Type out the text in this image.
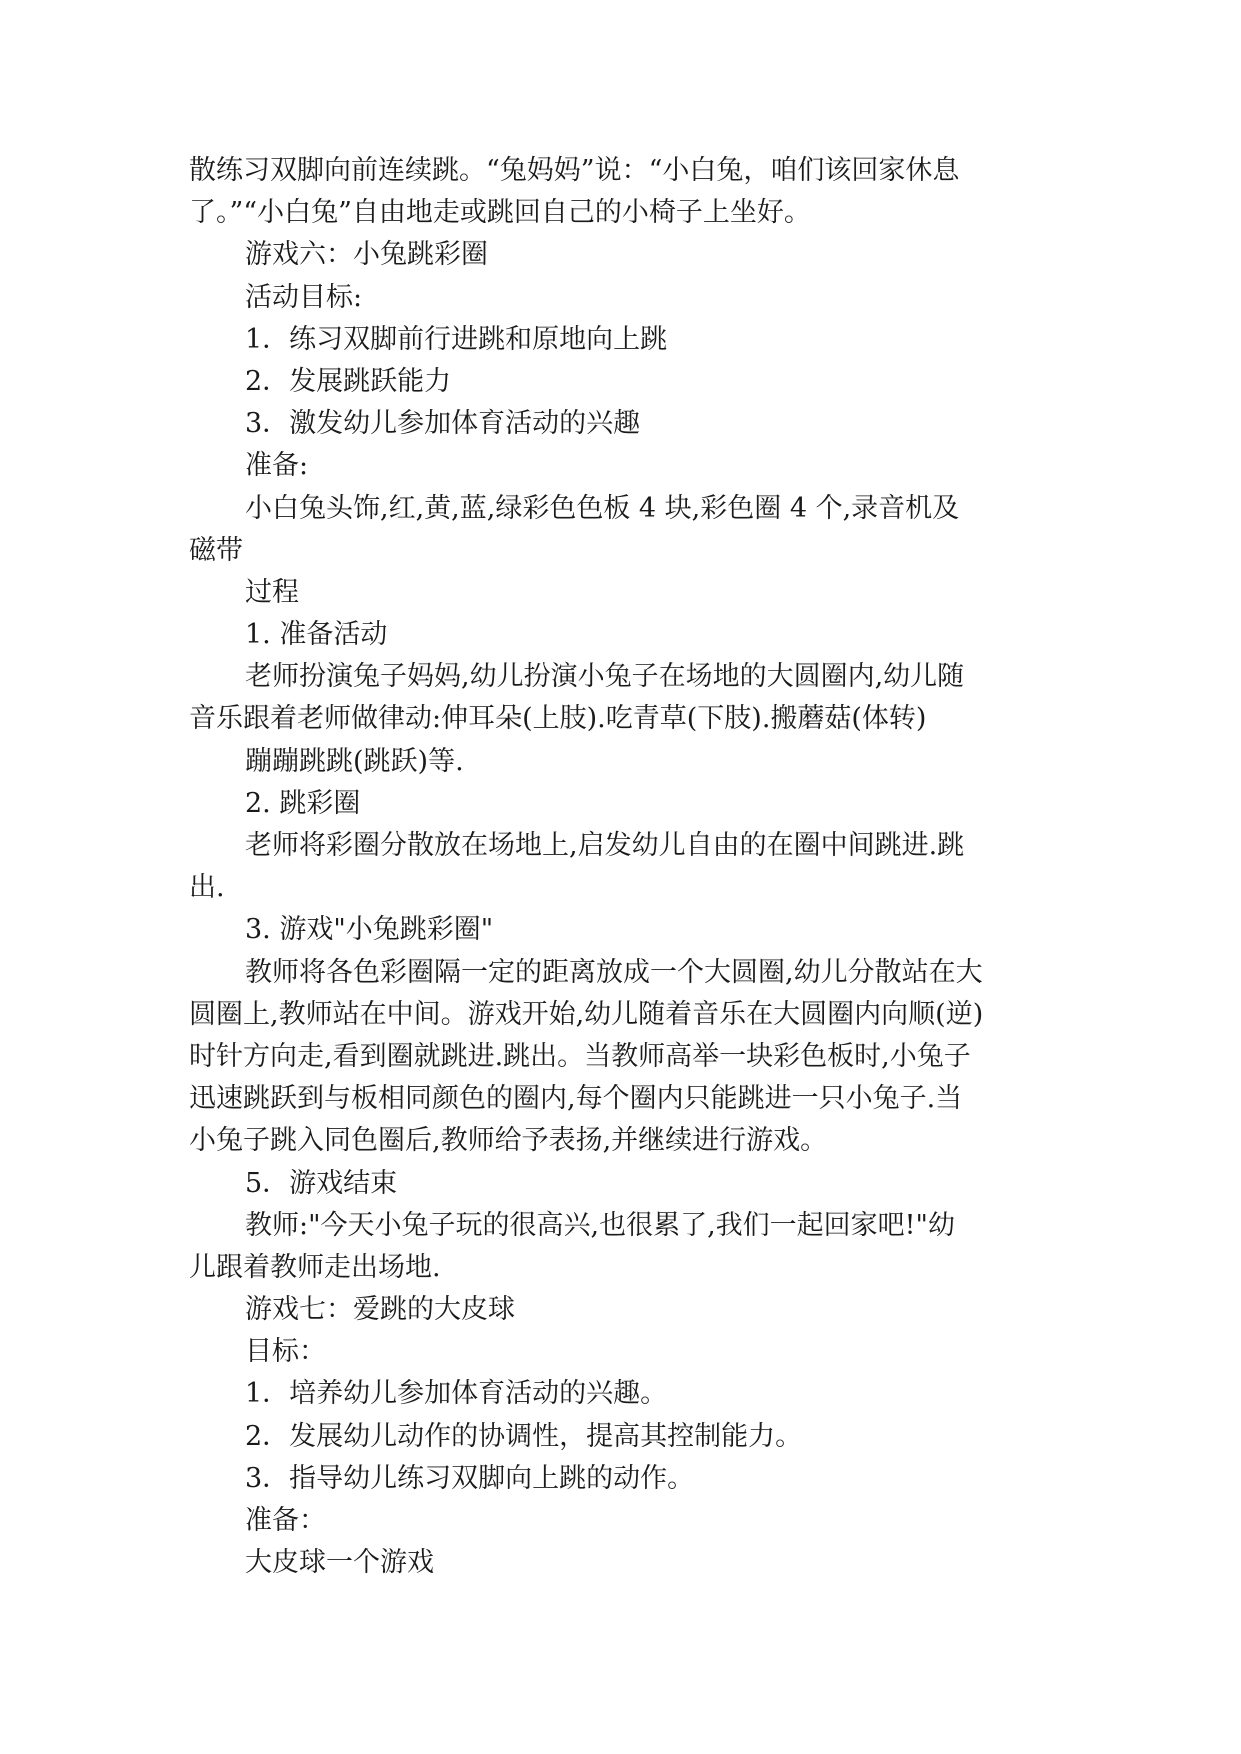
散练习双脚向前连续跳。“兔妈妈”说：“小白兔，咱们该回家休息
了。”“小白兔”自由地走或跳回自己的小椅子上坐好。
游戏六：小兔跳彩圈
活动目标:
1．练习双脚前行进跳和原地向上跳
2．发展跳跃能力
3．激发幼儿参加体育活动的兴趣
准备:
小白兔头饰,红,黄,蓝,绿彩色色板 4 块,彩色圈 4 个,录音机及
磁带
过程
1. 准备活动
老师扮演兔子妈妈,幼儿扮演小兔子在场地的大圆圈内,幼儿随
音乐跟着老师做律动:伸耳朵(上肢).吃青草(下肢).搬蘑菇(体转)
蹦蹦跳跳(跳跃)等.
2. 跳彩圈
老师将彩圈分散放在场地上,启发幼儿自由的在圈中间跳进.跳
出.
3. 游戏"小兔跳彩圈"
教师将各色彩圈隔一定的距离放成一个大圆圈,幼儿分散站在大
圆圈上,教师站在中间。游戏开始,幼儿随着音乐在大圆圈内向顺(逆)
时针方向走,看到圈就跳进.跳出。当教师高举一块彩色板时,小兔子
迅速跳跃到与板相同颜色的圈内,每个圈内只能跳进一只小兔子.当
小兔子跳入同色圈后,教师给予表扬,并继续进行游戏。
5．游戏结束
教师:"今天小兔子玩的很高兴,也很累了,我们一起回家吧!"幼
儿跟着教师走出场地.
游戏七：爱跳的大皮球
目标：
1．培养幼儿参加体育活动的兴趣。
2．发展幼儿动作的协调性，提高其控制能力。
3．指导幼儿练习双脚向上跳的动作。
准备：
大皮球一个游戏
